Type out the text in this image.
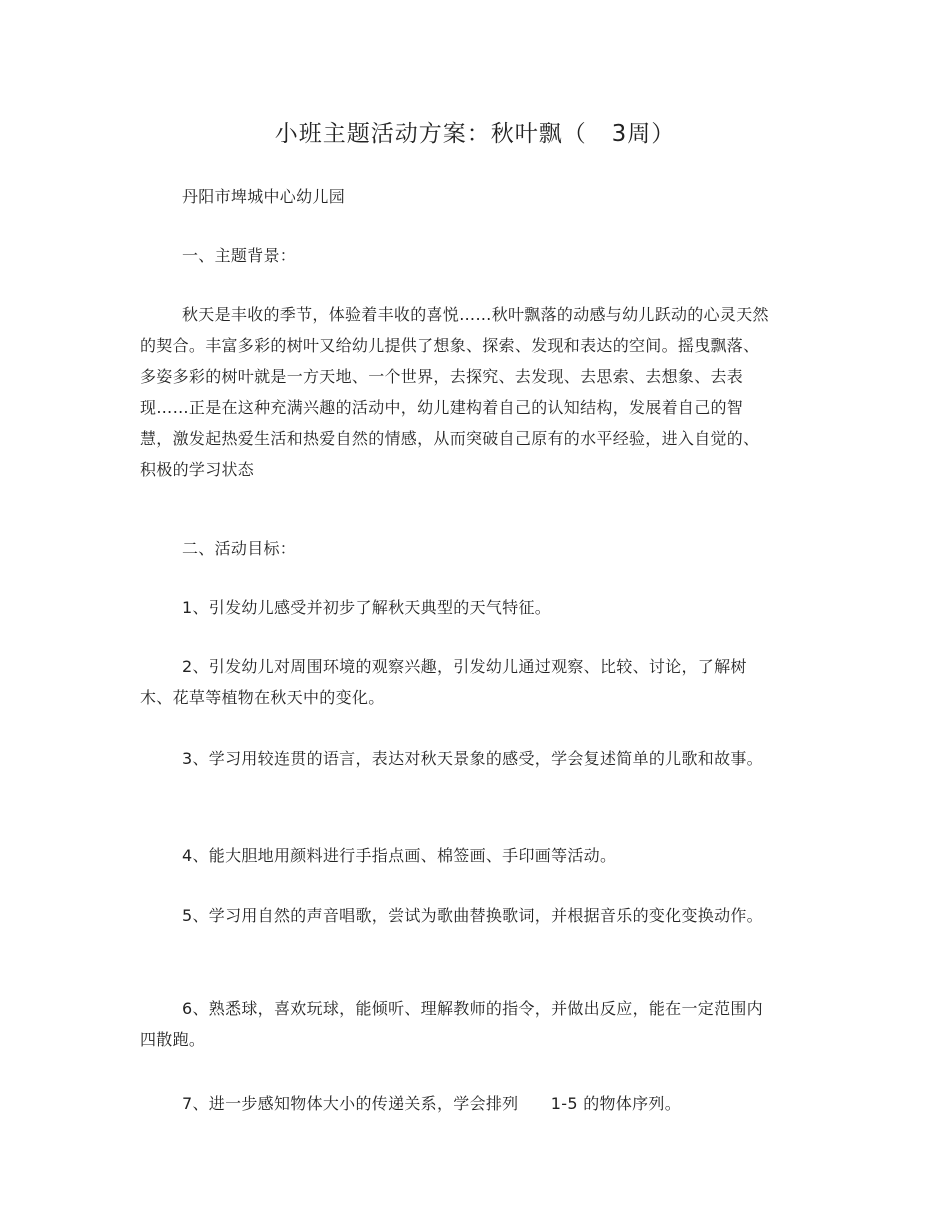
小班主题活动方案：秋叶飘（   3周）
丹阳市埤城中心幼儿园
一、主题背景：
秋天是丰收的季节，体验着丰收的喜悦……秋叶飘落的动感与幼儿跃动的心灵天然的契合。丰富多彩的树叶又给幼儿提供了想象、探索、发现和表达的空间。摇曳飘落、多姿多彩的树叶就是一方天地、一个世界，去探究、去发现、去思索、去想象、去表现……正是在这种充满兴趣的活动中，幼儿建构着自己的认知结构，发展着自己的智慧，激发起热爱生活和热爱自然的情感，从而突破自己原有的水平经验，进入自觉的、积极的学习状态
二、活动目标：
1、引发幼儿感受并初步了解秋天典型的天气特征。
2、引发幼儿对周围环境的观察兴趣，引发幼儿通过观察、比较、讨论，了解树木、花草等植物在秋天中的变化。
3、学习用较连贯的语言，表达对秋天景象的感受，学会复述简单的儿歌和故事。
4、能大胆地用颜料进行手指点画、棉签画、手印画等活动。
5、学习用自然的声音唱歌，尝试为歌曲替换歌词，并根据音乐的变化变换动作。
6、熟悉球，喜欢玩球，能倾听、理解教师的指令，并做出反应，能在一定范围内四散跑。
7、进一步感知物体大小的传递关系，学会排列      1-5 的物体序列。
